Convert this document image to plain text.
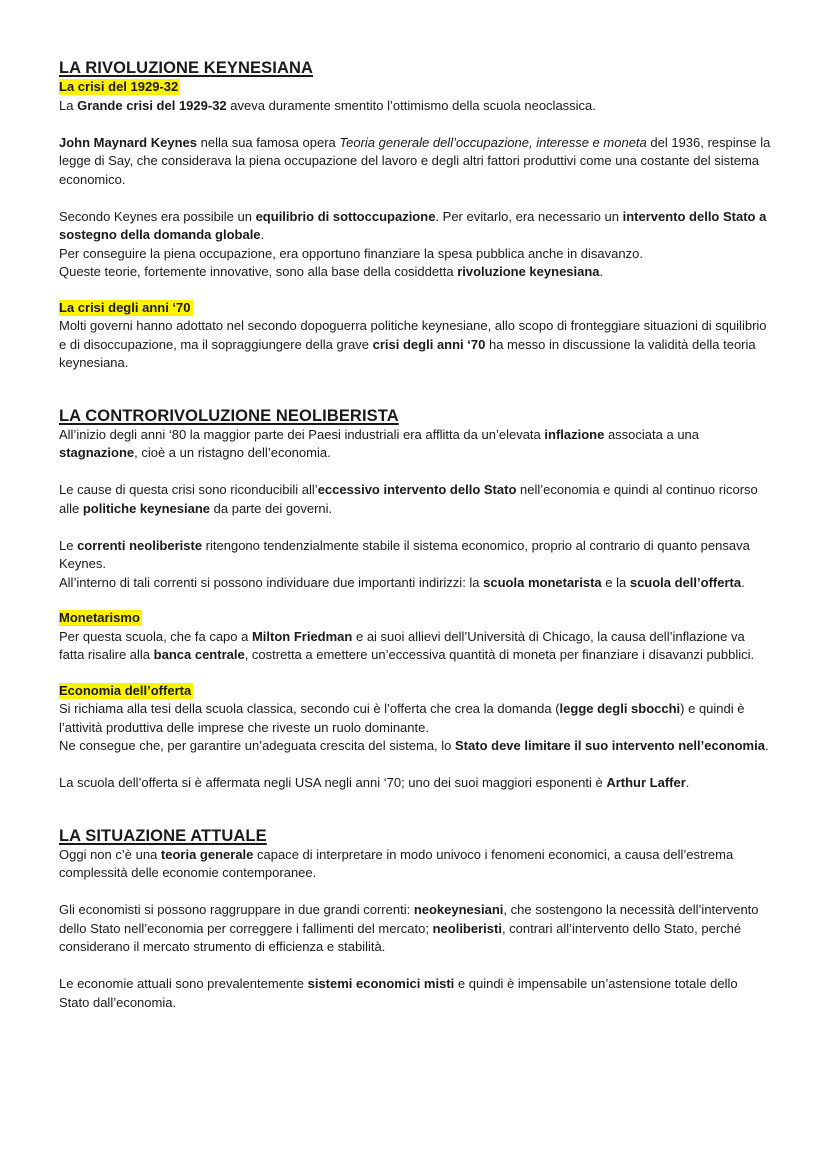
LA RIVOLUZIONE KEYNESIANA
La crisi del 1929-32

La Grande crisi del 1929-32 aveva duramente smentito l’ottimismo della scuola neoclassica.

John Maynard Keynes nella sua famosa opera Teoria generale dell’occupazione, interesse e moneta del 1936, respinse la legge di Say, che considerava la piena occupazione del lavoro e degli altri fattori produttivi come una costante del sistema economico.

Secondo Keynes era possibile un equilibrio di sottoccupazione. Per evitarlo, era necessario un intervento dello Stato a sostegno della domanda globale.

Per conseguire la piena occupazione, era opportuno finanziare la spesa pubblica anche in disavanzo.

Queste teorie, fortemente innovative, sono alla base della cosiddetta rivoluzione keynesiana.

La crisi degli anni ‘70

Molti governi hanno adottato nel secondo dopoguerra politiche keynesiane, allo scopo di fronteggiare situazioni di squilibrio e di disoccupazione, ma il sopraggiungere della grave crisi degli anni ‘70 ha messo in discussione la validità della teoria keynesiana.

LA CONTRORIVOLUZIONE NEOLIBERISTA

All’inizio degli anni ‘80 la maggior parte dei Paesi industriali era afflitta da un’elevata inflazione associata a una stagnazione, cioè a un ristagno dell’economia.

Le cause di questa crisi sono riconducibili all’eccessivo intervento dello Stato nell’economia e quindi al continuo ricorso alle politiche keynesiane da parte dei governi.

Le correnti neoliberiste ritengono tendenzialmente stabile il sistema economico, proprio al contrario di quanto pensava Keynes.

All’interno di tali correnti si possono individuare due importanti indirizzi: la scuola monetarista e la scuola dell’offerta.

Monetarismo

Per questa scuola, che fa capo a Milton Friedman e ai suoi allievi dell’Università di Chicago, la causa dell’inflazione va fatta risalire alla banca centrale, costretta a emettere un’eccessiva quantità di moneta per finanziare i disavanzi pubblici.

Economia dell’offerta

Si richiama alla tesi della scuola classica, secondo cui è l’offerta che crea la domanda (legge degli sbocchi) e quindi è l’attività produttiva delle imprese che riveste un ruolo dominante.

Ne consegue che, per garantire un’adeguata crescita del sistema, lo Stato deve limitare il suo intervento nell’economia.

La scuola dell’offerta si è affermata negli USA negli anni ‘70; uno dei suoi maggiori esponenti è Arthur Laffer.

LA SITUAZIONE ATTUALE

Oggi non c’è una teoria generale capace di interpretare in modo univoco i fenomeni economici, a causa dell’estrema complessità delle economie contemporanee.

Gli economisti si possono raggruppare in due grandi correnti: neokeynesiani, che sostengono la necessità dell’intervento dello Stato nell’economia per correggere i fallimenti del mercato; neoliberisti, contrari all’intervento dello Stato, perché considerano il mercato strumento di efficienza e stabilità.

Le economie attuali sono prevalentemente sistemi economici misti e quindi è impensabile un’astensione totale dello Stato dall’economia.
